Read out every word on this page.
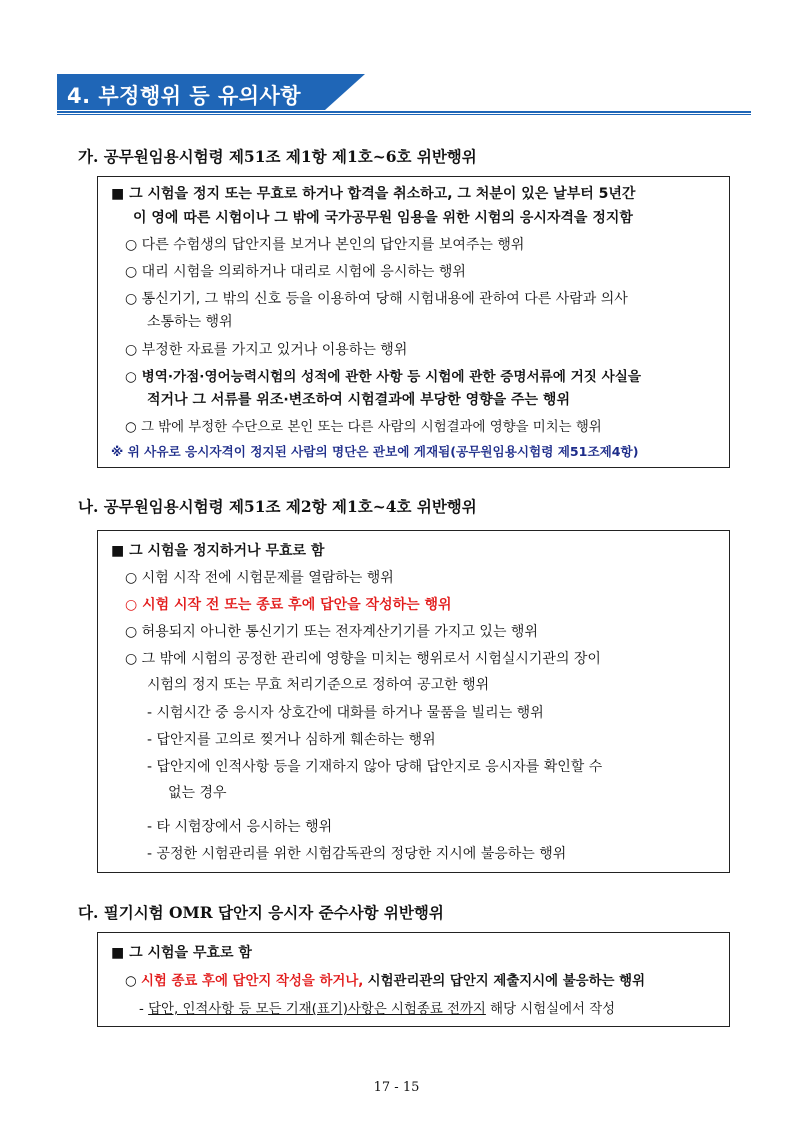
4. 부정행위 등 유의사항
가. 공무원임용시험령 제51조 제1항 제1호~6호 위반행위
■ 그 시험을 정지 또는 무효로 하거나 합격을 취소하고, 그 처분이 있은 날부터 5년간
이 영에 따른 시험이나 그 밖에 국가공무원 임용을 위한 시험의 응시자격을 정지함
○ 다른 수험생의 답안지를 보거나 본인의 답안지를 보여주는 행위
○ 대리 시험을 의뢰하거나 대리로 시험에 응시하는 행위
○ 통신기기, 그 밖의 신호 등을 이용하여 당해 시험내용에 관하여 다른 사람과 의사
소통하는 행위
○ 부정한 자료를 가지고 있거나 이용하는 행위
○ 병역·가점·영어능력시험의 성적에 관한 사항 등 시험에 관한 증명서류에 거짓 사실을
적거나 그 서류를 위조·변조하여 시험결과에 부당한 영향을 주는 행위
○ 그 밖에 부정한 수단으로 본인 또는 다른 사람의 시험결과에 영향을 미치는 행위
※ 위 사유로 응시자격이 정지된 사람의 명단은 관보에 게재됨(공무원임용시험령 제51조제4항)
나. 공무원임용시험령 제51조 제2항 제1호~4호 위반행위
■ 그 시험을 정지하거나 무효로 함
○ 시험 시작 전에 시험문제를 열람하는 행위
○ 시험 시작 전 또는 종료 후에 답안을 작성하는 행위
○ 허용되지 아니한 통신기기 또는 전자계산기기를 가지고 있는 행위
○ 그 밖에 시험의 공정한 관리에 영향을 미치는 행위로서 시험실시기관의 장이
시험의 정지 또는 무효 처리기준으로 정하여 공고한 행위
- 시험시간 중 응시자 상호간에 대화를 하거나 물품을 빌리는 행위
- 답안지를 고의로 찢거나 심하게 훼손하는 행위
- 답안지에 인적사항 등을 기재하지 않아 당해 답안지로 응시자를 확인할 수
없는 경우
- 타 시험장에서 응시하는 행위
- 공정한 시험관리를 위한 시험감독관의 정당한 지시에 불응하는 행위
다. 필기시험 OMR 답안지 응시자 준수사항 위반행위
■ 그 시험을 무효로 함
○ 시험 종료 후에 답안지 작성을 하거나, 시험관리관의 답안지 제출지시에 불응하는 행위
- 답안, 인적사항 등 모든 기재(표기)사항은 시험종료 전까지 해당 시험실에서 작성
17 - 15
